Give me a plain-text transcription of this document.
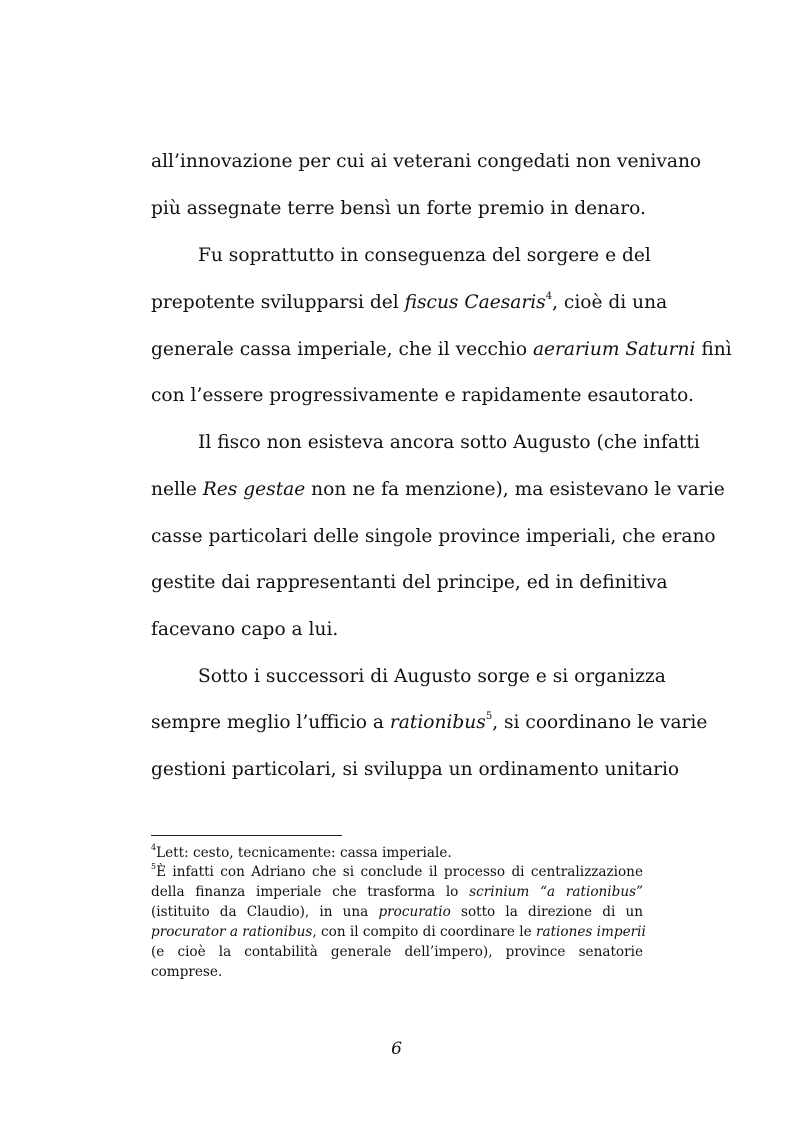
all’innovazione per cui ai veterani congedati non venivano
più assegnate terre bensì un forte premio in denaro.
Fu soprattutto in conseguenza del sorgere e del
prepotente svilupparsi del fiscus Caesaris$^4$, cioè di una
generale cassa imperiale, che il vecchio aerarium Saturni finì
con l’essere progressivamente e rapidamente esautorato.
Il fisco non esisteva ancora sotto Augusto (che infatti
nelle Res gestae non ne fa menzione), ma esistevano le varie
casse particolari delle singole province imperiali, che erano
gestite dai rappresentanti del principe, ed in definitiva
facevano capo a lui.
Sotto i successori di Augusto sorge e si organizza
sempre meglio l’ufficio a rationibus$^5$, si coordinano le varie
gestioni particolari, si sviluppa un ordinamento unitario
$^4$Lett: cesto, tecnicamente: cassa imperiale.
$^5$È infatti con Adriano che si conclude il processo di centralizzazione
della finanza imperiale che trasforma lo scrinium “a rationibus”
(istituito da Claudio), in una procuratio sotto la direzione di un
procurator a rationibus, con il compito di coordinare le rationes imperii
(e cioè la contabilità generale dell’impero), province senatorie
comprese.
6
